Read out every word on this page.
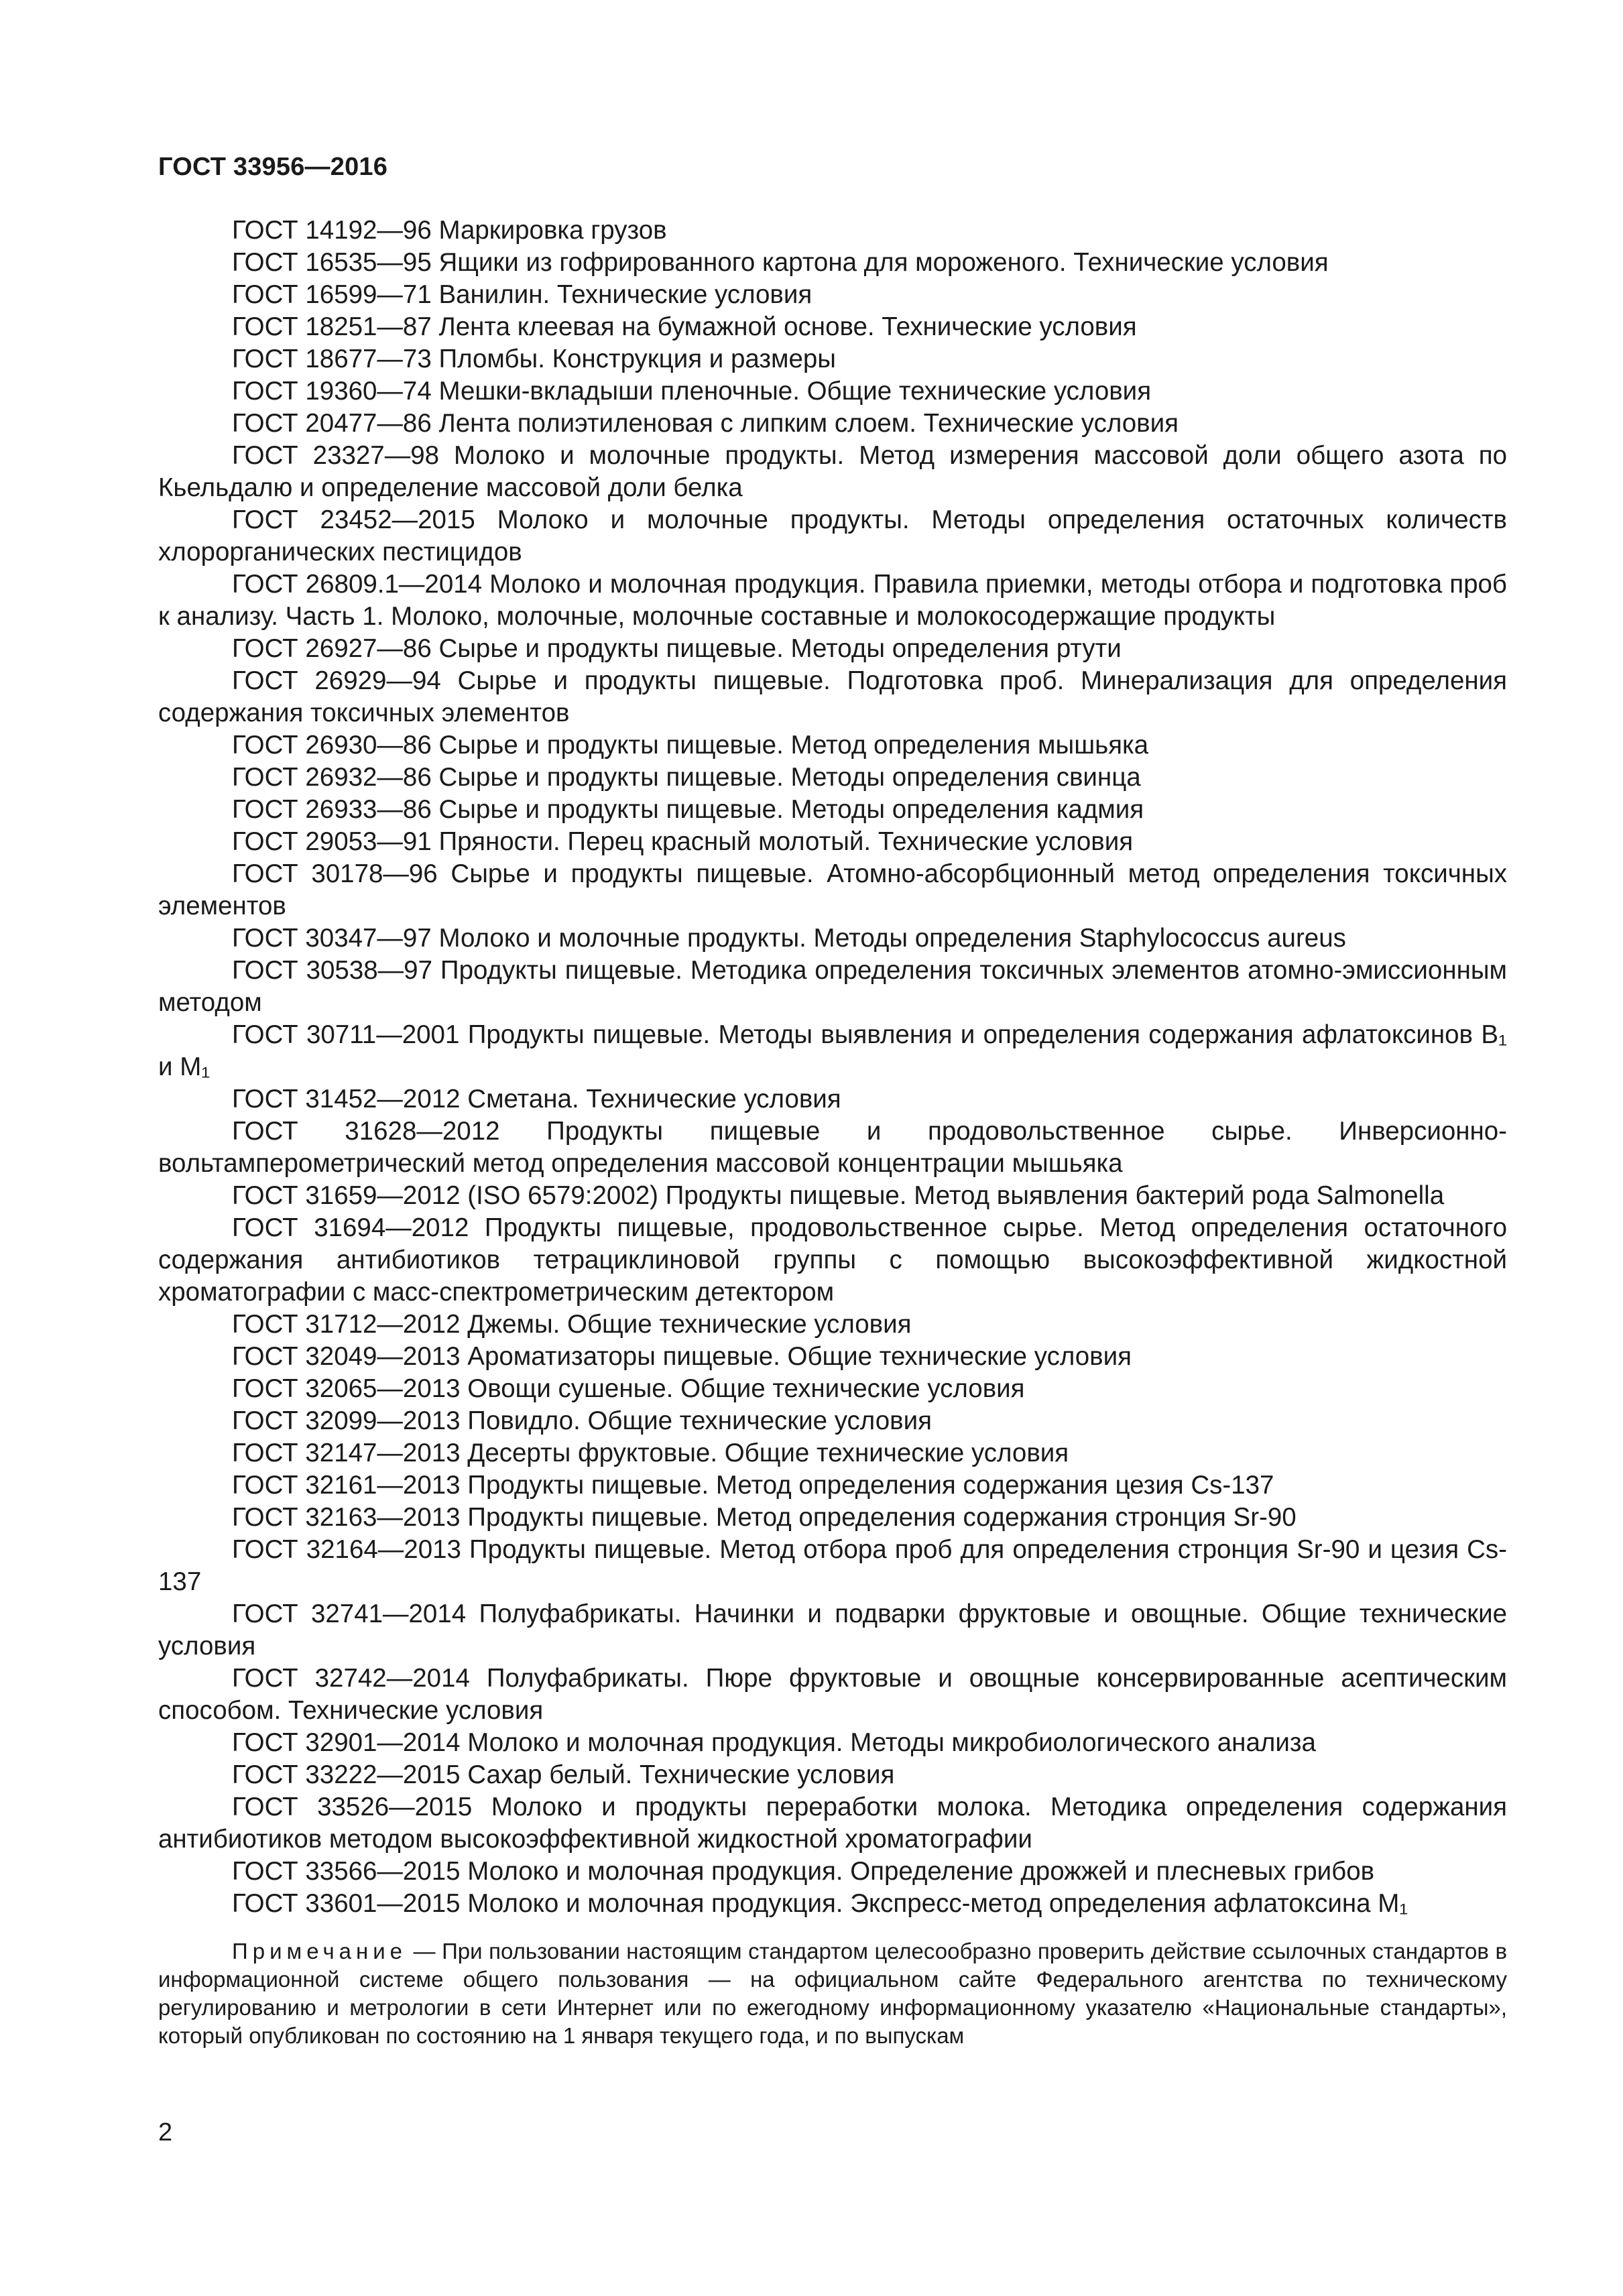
ГОСТ 33956—2016

ГОСТ 14192—96 Маркировка грузов

ГОСТ 16535—95 Ящики из гофрированного картона для мороженого. Технические условия

ГОСТ 16599—71 Ванилин. Технические условия

ГОСТ 18251—87 Лента клеевая на бумажной основе. Технические условия

ГОСТ 18677—73 Пломбы. Конструкция и размеры

ГОСТ 19360—74 Мешки-вкладыши пленочные. Общие технические условия

ГОСТ 20477—86 Лента полиэтиленовая с липким слоем. Технические условия

ГОСТ 23327—98 Молоко и молочные продукты. Метод измерения массовой доли общего азота по Кьельдалю и определение массовой доли белка

ГОСТ 23452—2015 Молоко и молочные продукты. Методы определения остаточных количеств хлорорганических пестицидов

ГОСТ 26809.1—2014 Молоко и молочная продукция. Правила приемки, методы отбора и подготовка проб к анализу. Часть 1. Молоко, молочные, молочные составные и молокосодержащие продукты

ГОСТ 26927—86 Сырье и продукты пищевые. Методы определения ртути

ГОСТ 26929—94 Сырье и продукты пищевые. Подготовка проб. Минерализация для определения содержания токсичных элементов

ГОСТ 26930—86 Сырье и продукты пищевые. Метод определения мышьяка

ГОСТ 26932—86 Сырье и продукты пищевые. Методы определения свинца

ГОСТ 26933—86 Сырье и продукты пищевые. Методы определения кадмия

ГОСТ 29053—91 Пряности. Перец красный молотый. Технические условия

ГОСТ 30178—96 Сырье и продукты пищевые. Атомно-абсорбционный метод определения токсичных элементов

ГОСТ 30347—97 Молоко и молочные продукты. Методы определения Staphylococcus aureus

ГОСТ 30538—97 Продукты пищевые. Методика определения токсичных элементов атомно-эмиссионным методом

ГОСТ 30711—2001 Продукты пищевые. Методы выявления и определения содержания афлатоксинов B₁ и M₁

ГОСТ 31452—2012 Сметана. Технические условия

ГОСТ 31628—2012 Продукты пищевые и продовольственное сырье. Инверсионно-вольтамперометрический метод определения массовой концентрации мышьяка

ГОСТ 31659—2012 (ISO 6579:2002) Продукты пищевые. Метод выявления бактерий рода Salmonella

ГОСТ 31694—2012 Продукты пищевые, продовольственное сырье. Метод определения остаточного содержания антибиотиков тетрациклиновой группы с помощью высокоэффективной жидкостной хроматографии с масс-спектрометрическим детектором

ГОСТ 31712—2012 Джемы. Общие технические условия

ГОСТ 32049—2013 Ароматизаторы пищевые. Общие технические условия

ГОСТ 32065—2013 Овощи сушеные. Общие технические условия

ГОСТ 32099—2013 Повидло. Общие технические условия

ГОСТ 32147—2013 Десерты фруктовые. Общие технические условия

ГОСТ 32161—2013 Продукты пищевые. Метод определения содержания цезия Cs-137

ГОСТ 32163—2013 Продукты пищевые. Метод определения содержания стронция Sr-90

ГОСТ 32164—2013 Продукты пищевые. Метод отбора проб для определения стронция Sr-90 и цезия Cs-137

ГОСТ 32741—2014 Полуфабрикаты. Начинки и подварки фруктовые и овощные. Общие технические условия

ГОСТ 32742—2014 Полуфабрикаты. Пюре фруктовые и овощные консервированные асептическим способом. Технические условия

ГОСТ 32901—2014 Молоко и молочная продукция. Методы микробиологического анализа

ГОСТ 33222—2015 Сахар белый. Технические условия

ГОСТ 33526—2015 Молоко и продукты переработки молока. Методика определения содержания антибиотиков методом высокоэффективной жидкостной хроматографии

ГОСТ 33566—2015 Молоко и молочная продукция. Определение дрожжей и плесневых грибов

ГОСТ 33601—2015 Молоко и молочная продукция. Экспресс-метод определения афлатоксина M₁

Примечание — При пользовании настоящим стандартом целесообразно проверить действие ссылочных стандартов в информационной системе общего пользования — на официальном сайте Федерального агентства по техническому регулированию и метрологии в сети Интернет или по ежегодному информационному указателю «Национальные стандарты», который опубликован по состоянию на 1 января текущего года, и по выпускам
2
